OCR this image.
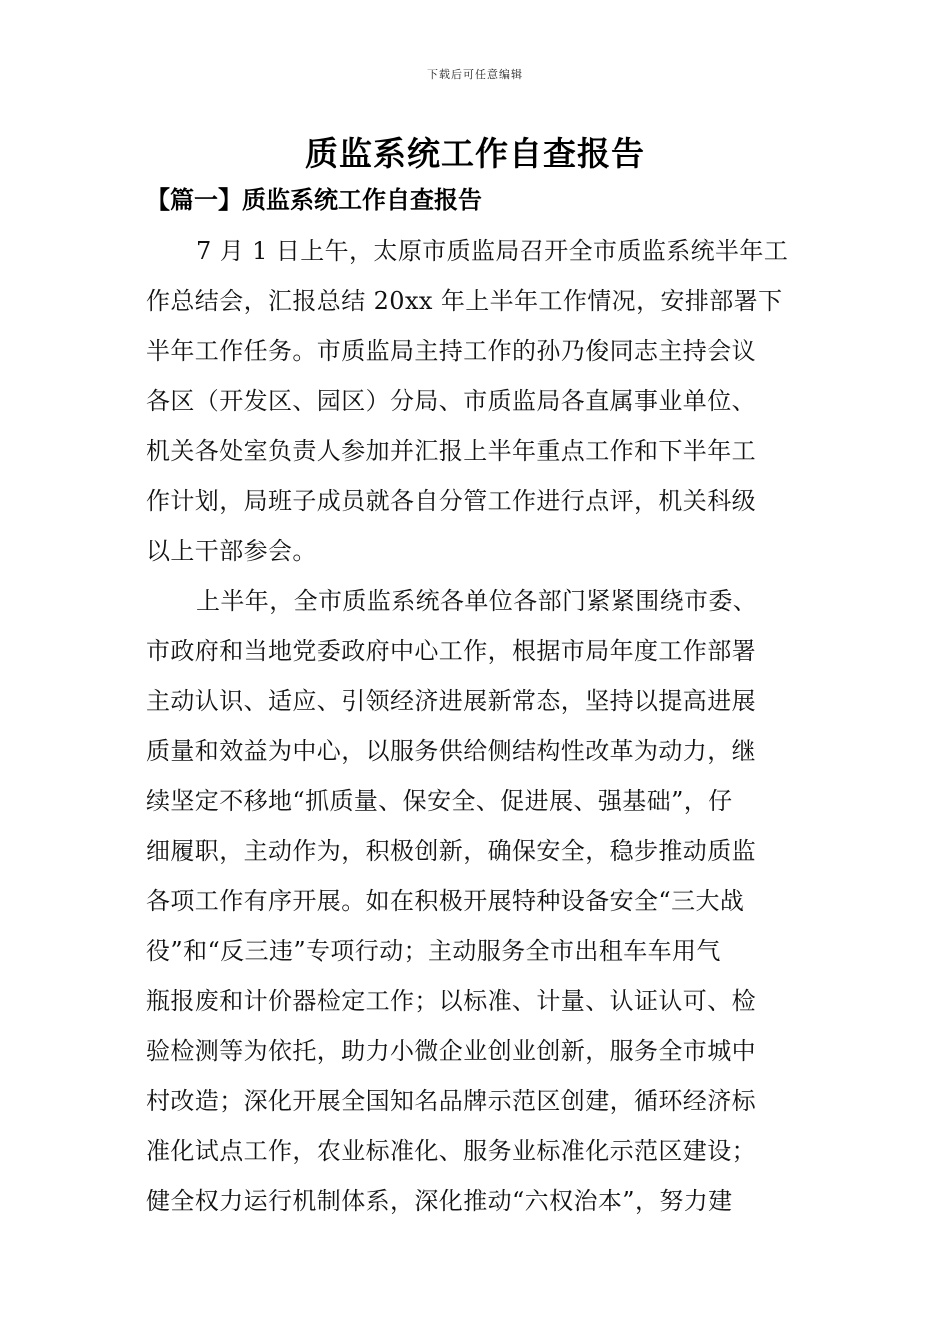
下载后可任意编辑
质监系统工作自查报告
【篇一】质监系统工作自查报告
7 月 1 日上午，太原市质监局召开全市质监系统半年工
作总结会，汇报总结 20xx 年上半年工作情况，安排部署下
半年工作任务。市质监局主持工作的孙乃俊同志主持会议
各区（开发区、园区）分局、市质监局各直属事业单位、
机关各处室负责人参加并汇报上半年重点工作和下半年工
作计划，局班子成员就各自分管工作进行点评，机关科级
以上干部参会。
上半年，全市质监系统各单位各部门紧紧围绕市委、
市政府和当地党委政府中心工作，根据市局年度工作部署
主动认识、适应、引领经济进展新常态，坚持以提高进展
质量和效益为中心，以服务供给侧结构性改革为动力，继
续坚定不移地“抓质量、保安全、促进展、强基础”，仔
细履职，主动作为，积极创新，确保安全，稳步推动质监
各项工作有序开展。如在积极开展特种设备安全“三大战
役”和“反三违”专项行动；主动服务全市出租车车用气
瓶报废和计价器检定工作；以标准、计量、认证认可、检
验检测等为依托，助力小微企业创业创新，服务全市城中
村改造；深化开展全国知名品牌示范区创建，循环经济标
准化试点工作，农业标准化、服务业标准化示范区建设；
健全权力运行机制体系，深化推动“六权治本”，努力建
